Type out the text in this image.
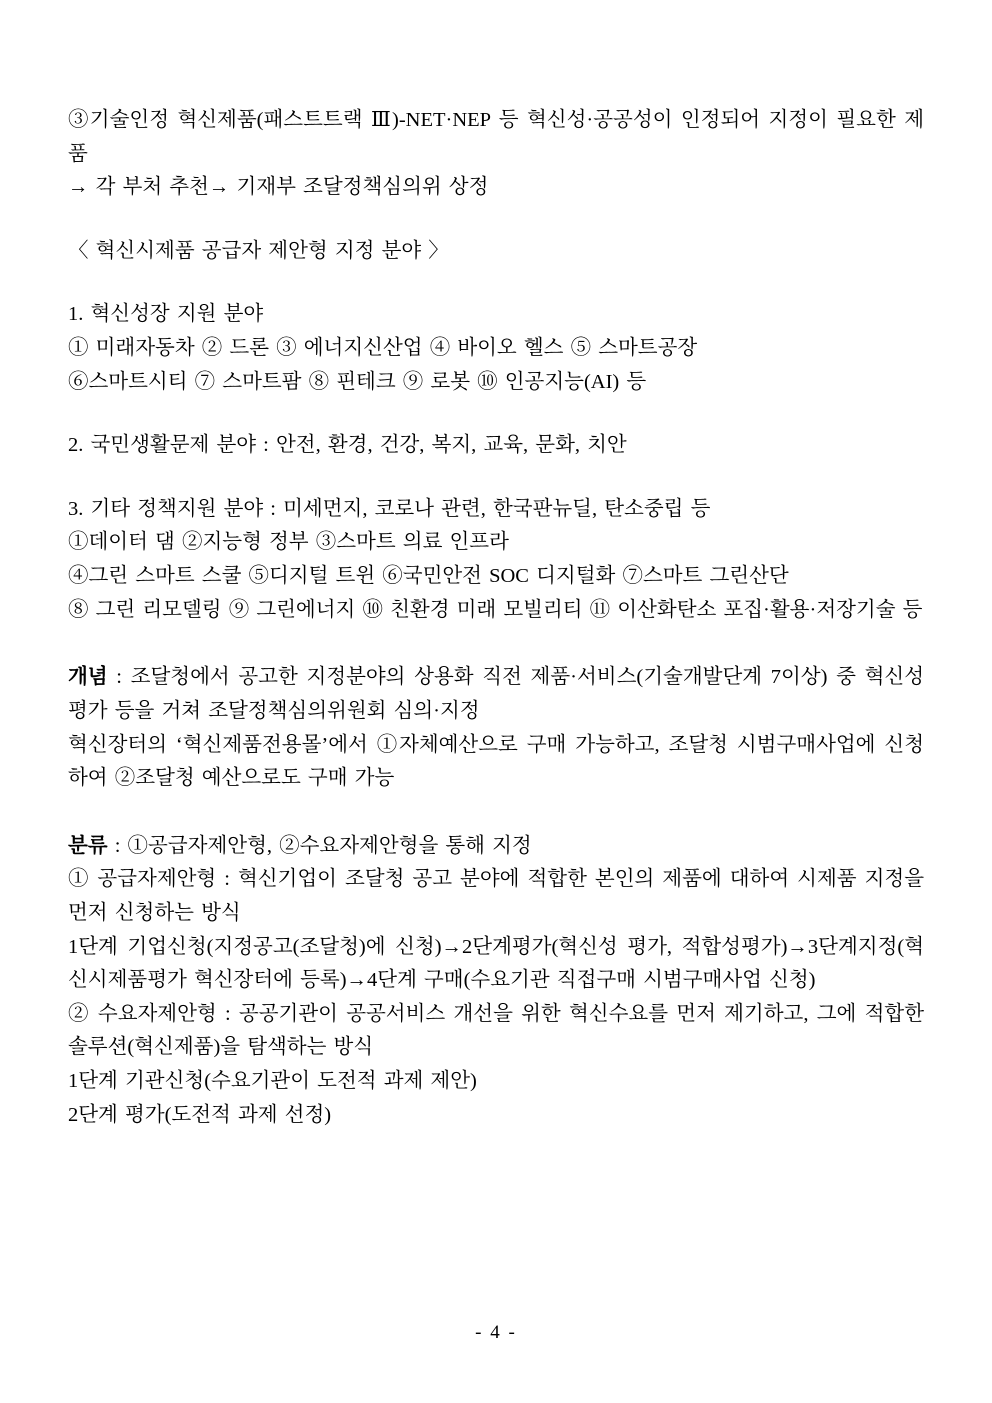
③기술인정 혁신제품(패스트트랙 Ⅲ)-NET·NEP 등 혁신성·공공성이 인정되어 지정이 필요한 제품

→ 각 부처 추천→ 기재부 조달정책심의위 상정

〈 혁신시제품 공급자 제안형 지정 분야 〉

1. 혁신성장 지원 분야

① 미래자동차 ② 드론 ③ 에너지신산업 ④ 바이오 헬스 ⑤ 스마트공장

⑥스마트시티 ⑦ 스마트팜 ⑧ 핀테크 ⑨ 로봇 ⑩ 인공지능(AI) 등

2. 국민생활문제 분야 : 안전, 환경, 건강, 복지, 교육, 문화, 치안

3. 기타 정책지원 분야 : 미세먼지, 코로나 관련, 한국판뉴딜, 탄소중립 등

①데이터 댐 ②지능형 정부 ③스마트 의료 인프라

④그린 스마트 스쿨 ⑤디지털 트윈 ⑥국민안전 SOC 디지털화 ⑦스마트 그린산단

⑧ 그린 리모델링 ⑨ 그린에너지 ⑩ 친환경 미래 모빌리티 ⑪ 이산화탄소 포집·활용·저장기술 등

개념 : 조달청에서 공고한 지정분야의 상용화 직전 제품·서비스(기술개발단계 7이상) 중 혁신성 평가 등을 거쳐 조달정책심의위원회 심의·지정

혁신장터의 ‘혁신제품전용몰’에서 ①자체예산으로 구매 가능하고, 조달청 시범구매사업에 신청하여 ②조달청 예산으로도 구매 가능

분류 : ①공급자제안형, ②수요자제안형을 통해 지정

① 공급자제안형 : 혁신기업이 조달청 공고 분야에 적합한 본인의 제품에 대하여 시제품 지정을 먼저 신청하는 방식

1단계 기업신청(지정공고(조달청)에 신청)→2단계평가(혁신성 평가, 적합성평가)→3단계지정(혁신시제품평가 혁신장터에 등록)→4단계 구매(수요기관 직접구매 시범구매사업 신청)

② 수요자제안형 : 공공기관이 공공서비스 개선을 위한 혁신수요를 먼저 제기하고, 그에 적합한 솔루션(혁신제품)을 탐색하는 방식

1단계 기관신청(수요기관이 도전적 과제 제안)

2단계 평가(도전적 과제 선정)

- 4 -
